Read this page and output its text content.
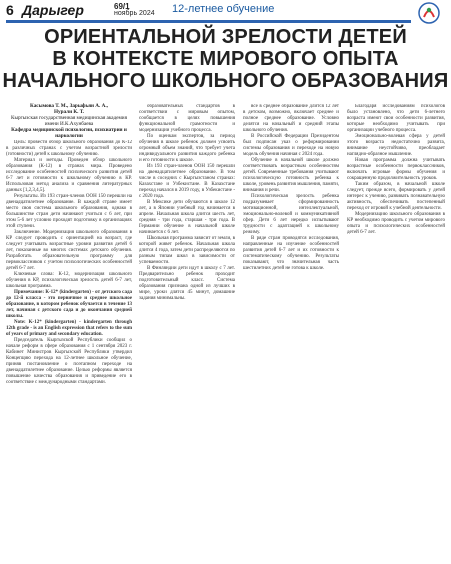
6 Дарыгер	69/1
ноябрь 2024 12-летнее обучение
ОРИЕНТАЛЬНОЙ ЗРЕЛОСТИ ДЕТЕЙ
В КОНТЕКСТЕ МИРОВОГО ОПЫТА
НАЧАЛЬНОГО ШКОЛЬНОГО ОБРАЗОВАНИЯ
Касымова Т. М., Зарыфьян А. А.,
Нурали К. Т.
Кыргызская государственная медицинская академия имени И.К.Ахунбаева
Кафедра медицинской психологии, психиатрии и наркологии

Цель: провести обзор школьного образования до К-12 в различных странах с учетом возрастной зрелости (готовности) детей к школьному обучению.

Материал и методы. Проведен обзор школьного образования (К-12) в странах мира. Проведено исследование особенностей психического развития детей 6-7 лет и готовности к школьному обучению в КР. Использован метод анализа и сравнения литературных данных [1,2,3,4,5].

Результаты. Из 193 стран-членов ООН 150 перешли на двенадцатилетнее образование. В каждой стране имеет место своя система школьного образования, однако в большинстве стран дети начинают учиться с 6 лет, при этом 5-6 лет условно проходят подготовку в организациях этой ступени.

Заключение. Модернизация школьного образования в КР следует проводить с ориентацией на возраст, где следует учитывать возрастные уровни развития детей 6 лет, показанные во многих системах детского обучения. Разработать образовательную программу для первоклассников с учетом психологических особенностей детей 6-7 лет.

Ключевые слова: К-12, модернизация школьного обучения в КР, психологическая зрелость детей 6-7 лет, школьная программа.

Примечание: К-12* (kindergarten) - от детского сада до 12-й класса - это первичное и среднее школьное образование, в котором ребенок обучается в течение 13 лет, начиная с детского сада и до окончания средней школы.

Note: K-12* (kindergarten) - kindergarten through 12th grade - is an English expression that refers to the sum of years of primary and secondary education.

Председатель Кыргызской Республики сообщил о начале реформ в сфере образования с 1 сентября 2023 г. Кабинет Министров Кыргызской Республики утвердил Концепцию перехода на 12-летнее школьное обучение, приняв постановление о поэтапном переходе на двенадцатилетнее образование. Целью реформы является повышение качества образования и приведение его в соответствие с международными стандартами.

образовательных стандартов в соответствии с мировым опытом, сообщается в целях повышения функциональной грамотности и модернизации учебного процесса.

По оценкам экспертов, за период обучения в школе ребенок должен усвоить огромный объем знаний, что требует учета индивидуального развития каждого ребенка и его готовности к школе.

Из 193 стран-членов ООН 150 перешли на двенадцатилетнее образование. В том числе в соседних с Кыргызстаном странах: Казахстане и Узбекистане. В Казахстане переход начался в 2019 году, в Узбекистане - с 2020 года.

В Мексике дети обучаются в школе 12 лет, а в Японии учебный год начинается в апреле. Начальная школа длится шесть лет, средняя - три года, старшая - три года. В Германии обучение в начальной школе начинается с 6 лет.

Школьная программа зависит от земли, в которой живет ребенок. Начальная школа длится 4 года, затем дети распределяются по разным типам школ в зависимости от успеваемости.

В Финляндии дети идут в школу с 7 лет. Предварительно ребенок проходит подготовительный класс. Система образования признана одной из лучших в мире, уроки длятся 45 минут, домашние задания минимальны.

все в среднее образование длится 12 лет в детском, возможно, включает среднее и полное среднее образование. Условно делятся на начальный и средний этапы школьного обучения.

В Российской Федерации Президентом был подписан указ о реформировании системы образования и переходе на новую модель обучения начиная с 2024 года.

Обучение в начальной школе должно соответствовать возрастным особенностям детей. Современные требования учитывают психологическую готовность ребенка к школе, уровень развития мышления, памяти, внимания и речи.

Психологическая зрелость ребенка подразумевает сформированность мотивационной, интеллектуальной, эмоционально-волевой и коммуникативной сфер. Дети 6 лет нередко испытывают трудности с адаптацией к школьному режиму.

В ряде стран проводятся исследования, направленные на изучение особенностей развития детей 6-7 лет и их готовности к систематическому обучению. Результаты показывают, что значительная часть шестилетних детей не готова к школе.

Благодаря исследованиям психологов было установлено, что дети 6-летнего возраста имеют свои особенности развития, которые необходимо учитывать при организации учебного процесса.

Эмоционально-волевая сфера у детей этого возраста недостаточно развита, внимание неустойчиво, преобладает наглядно-образное мышление.

Новая программа должна учитывать возрастные особенности первоклассников, включать игровые формы обучения и сокращенную продолжительность уроков.

Таким образом, в начальной школе следует, прежде всего, формировать у детей интерес к учению, развивать познавательную активность, обеспечивать постепенный переход от игровой к учебной деятельности.

Модернизацию школьного образования в КР необходимо проводить с учетом мирового опыта и психологических особенностей детей 6-7 лет.
